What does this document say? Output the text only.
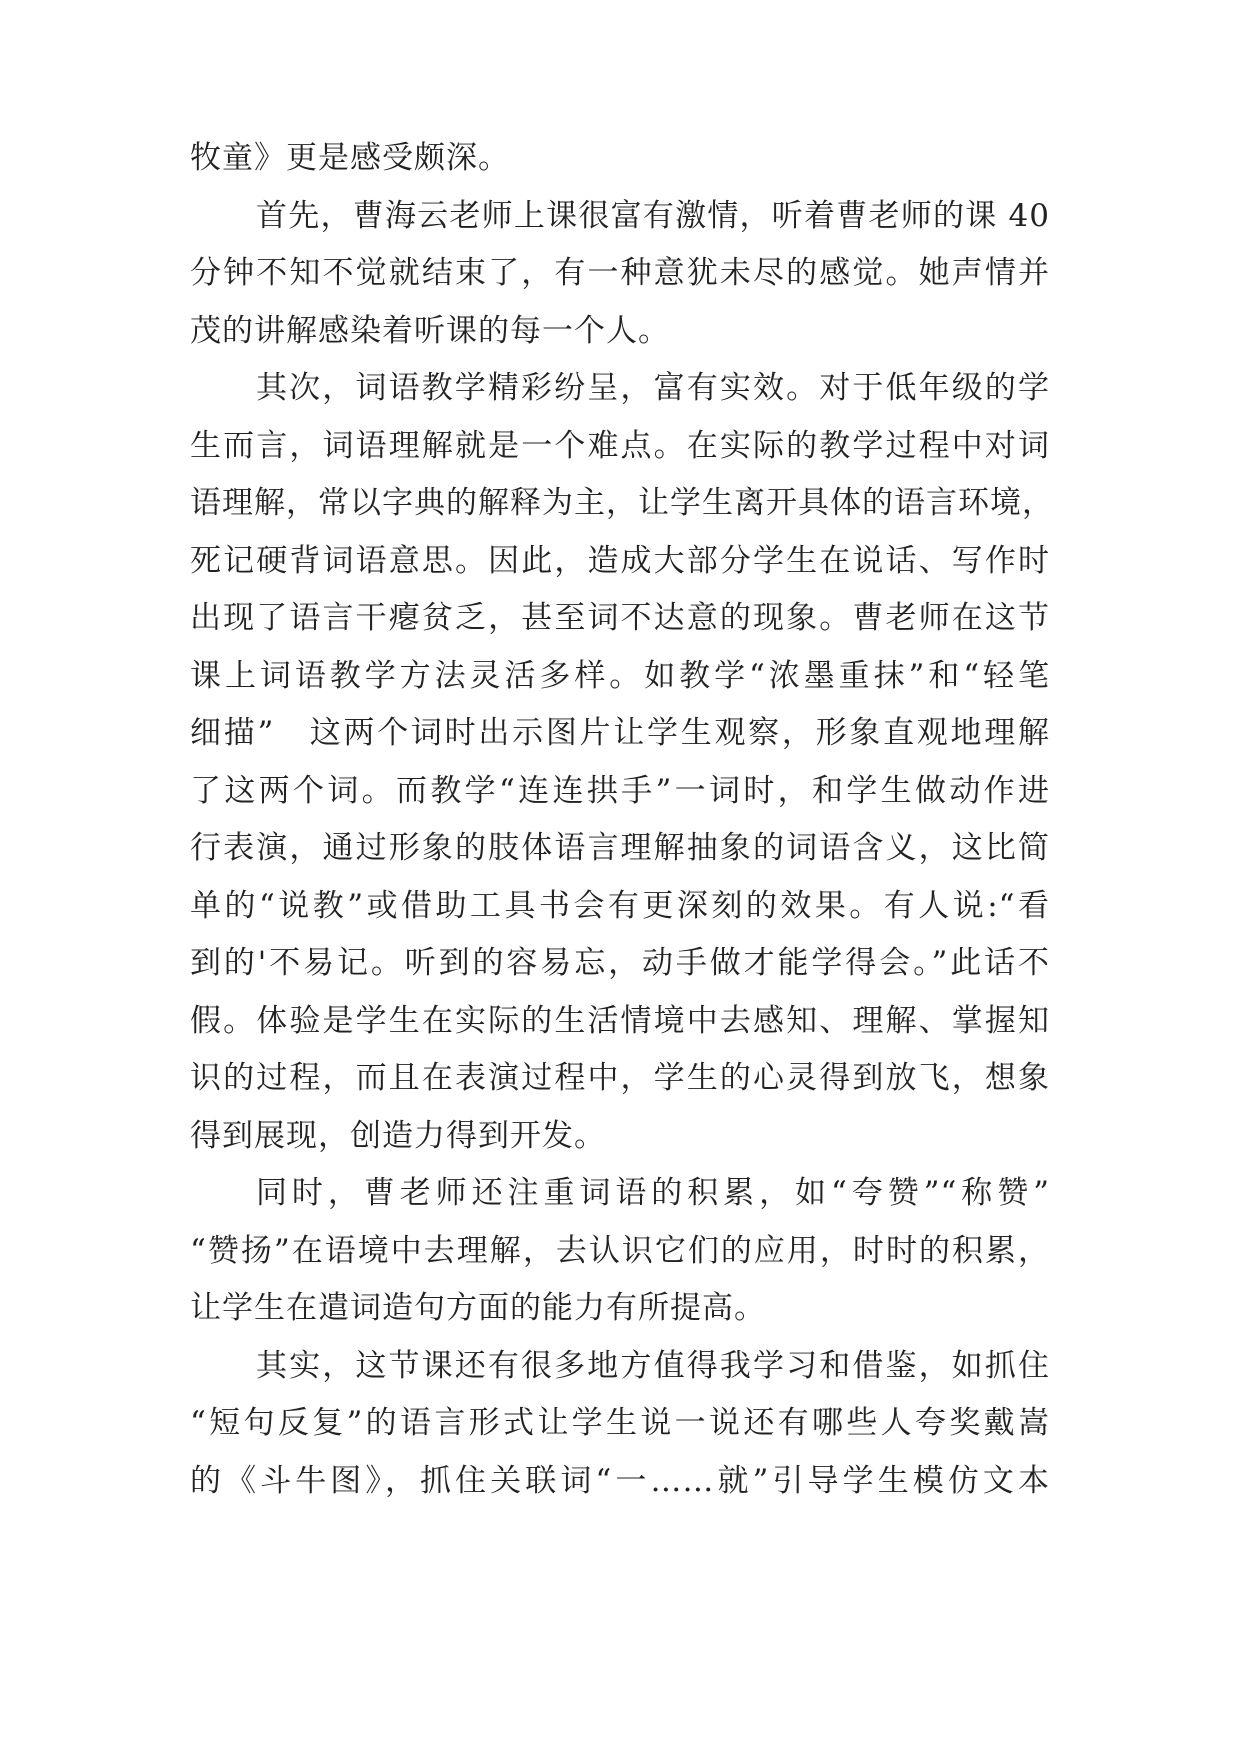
牧童》更是感受颇深。
首先，曹海云老师上课很富有激情，听着曹老师的课 40
分钟不知不觉就结束了，有一种意犹未尽的感觉。她声情并
茂的讲解感染着听课的每一个人。
其次，词语教学精彩纷呈，富有实效。对于低年级的学
生而言，词语理解就是一个难点。在实际的教学过程中对词
语理解，常以字典的解释为主，让学生离开具体的语言环境，
死记硬背词语意思。因此，造成大部分学生在说话、写作时
出现了语言干瘪贫乏，甚至词不达意的现象。曹老师在这节
课上词语教学方法灵活多样。如教学“浓墨重抹”和“轻笔
细描”　这两个词时出示图片让学生观察，形象直观地理解
了这两个词。而教学“连连拱手”一词时，和学生做动作进
行表演，通过形象的肢体语言理解抽象的词语含义，这比简
单的“说教”或借助工具书会有更深刻的效果。有人说:“看
到的'不易记。听到的容易忘，动手做才能学得会。”此话不
假。体验是学生在实际的生活情境中去感知、理解、掌握知
识的过程，而且在表演过程中，学生的心灵得到放飞，想象
得到展现，创造力得到开发。
同时，曹老师还注重词语的积累，如“夸赞”“称赞”
“赞扬”在语境中去理解，去认识它们的应用，时时的积累，
让学生在遣词造句方面的能力有所提高。
其实，这节课还有很多地方值得我学习和借鉴，如抓住
“短句反复”的语言形式让学生说一说还有哪些人夸奖戴嵩
的《斗牛图》，抓住关联词“一……就”引导学生模仿文本
